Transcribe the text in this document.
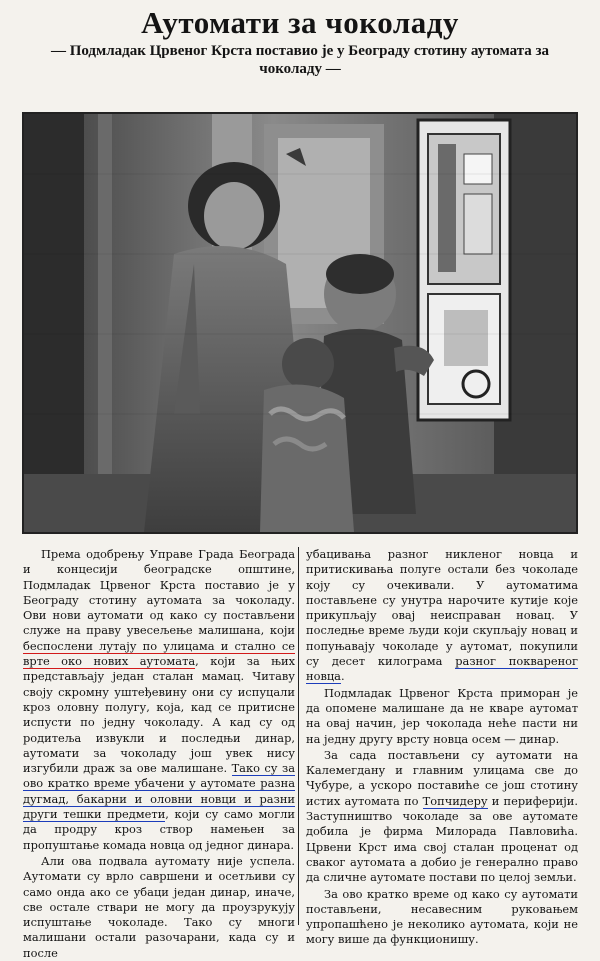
Аутомати за чоколаду
— Подмладак Црвеног Крста поставио је у Београду стотину аутомата за чоколаду —

Према одобрењу Управе Града Београда и концесији београдске општине, Подмладак Црвеног Крста поставио је у Београду стотину аутомата за чоколаду. Ови нови аутомати од како су постављени служе на праву увесељење малишана, који беспослени лутају по улицама и стално се врте око нових аутомата, који за њих представљају један сталан мамац. Читаву своју скромну уштеђевину они су испуцали кроз оловну полугу, која, кад се притисне испусти по једну чоколаду. А кад су од родитеља извукли и последњи динар, аутомати за чоколаду још увек нису изгубили драж за ове малишане. Тако су за ово кратко време убачени у аутомате разна дугмад, бакарни и оловни новци и разни други тешки предмети, који су само могли да продру кроз створ намењен за пропуштање комада новца од једног динара.

Али ова подвала аутомату није успела. Аутомати су врло савршени и осетљиви су само онда ако се убаци један динар, иначе, све остале ствари не могу да проузрукују испуштање чоколаде. Тако су многи малишани остали разочарани, када су и после

убацивања разног никленог новца и притискивања полуге остали без чоколаде коју су очекивали. У аутоматима постављене су унутра нарочите кутије које прикупљају овај неисправан новац. У последње време људи који скупљају новац и попуњавају чоколаде у аутомат, покупили су десет килограма разног поквареног новца.

Подмладак Црвеног Крста приморан је да опомене малишане да не кваре аутомат на овај начин, јер чоколада неће пасти ни на једну другу врсту новца осем — динар.

За сада постављени су аутомати на Калемегдану и главним улицама све до Чубуре, а ускоро поставиће се још стотину истих аутомата по Топчидеру и периферији. Заступништво чоколаде за ове аутомате добила је фирма Милорада Павловића. Црвени Крст има свој сталан проценат од сваког аутомата а добио је генерално право да сличне аутомате постави по целој земљи.

За ово кратко време од како су аутомати постављени, несавесним руковањем упропашћено је неколико аутомата, који не могу више да функционишу.
